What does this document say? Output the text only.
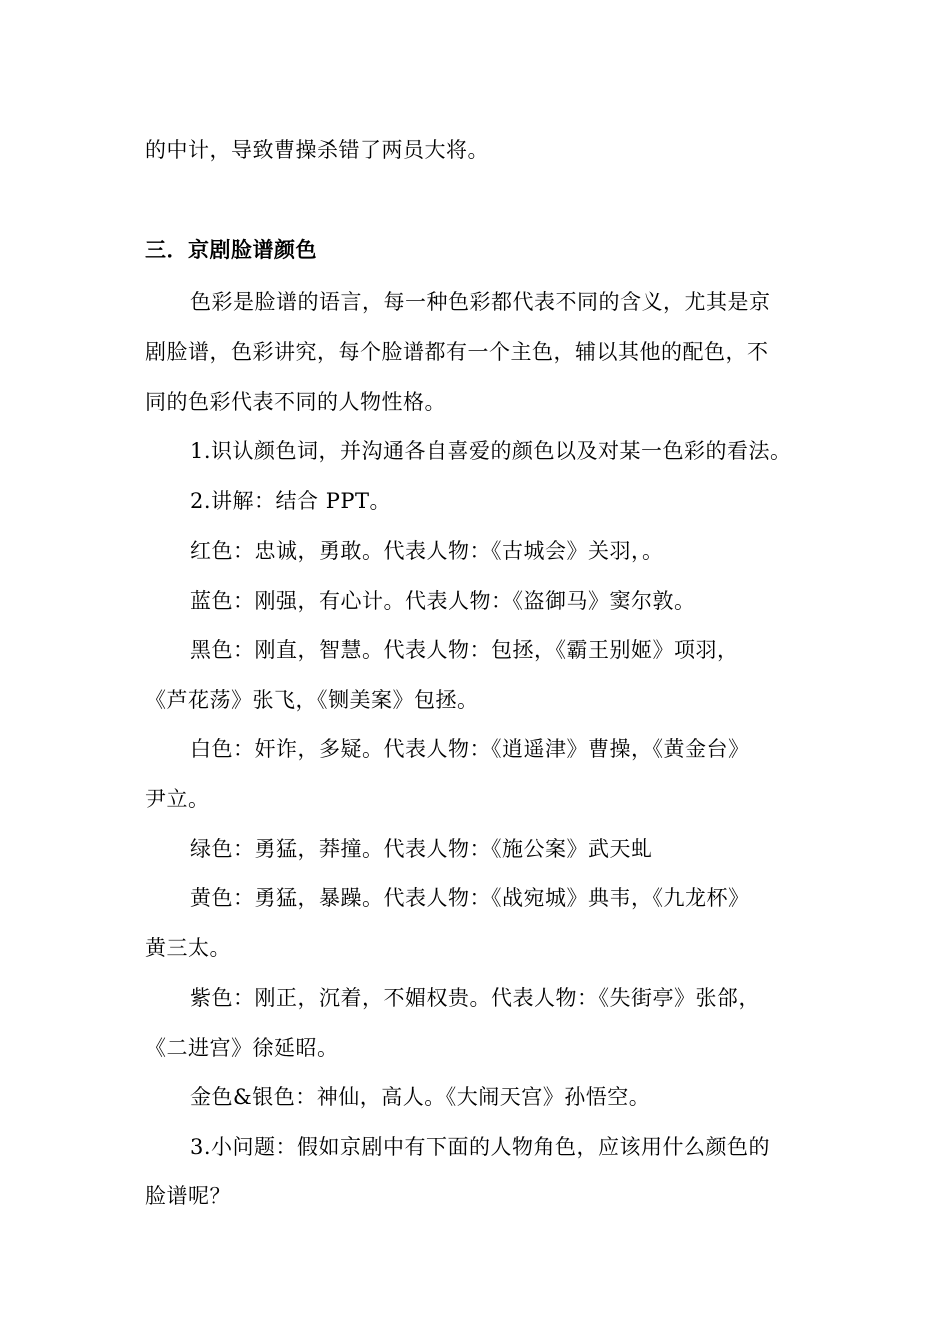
的中计，导致曹操杀错了两员大将。
三．京剧脸谱颜色
色彩是脸谱的语言，每一种色彩都代表不同的含义，尤其是京
剧脸谱，色彩讲究，每个脸谱都有一个主色，辅以其他的配色，不
同的色彩代表不同的人物性格。
1.识认颜色词，并沟通各自喜爱的颜色以及对某一色彩的看法。
2.讲解：结合 PPT。
红色：忠诚，勇敢。代表人物：《古城会》关羽，。
蓝色：刚强，有心计。代表人物：《盗御马》窦尔敦。
黑色：刚直，智慧。代表人物：包拯，《霸王别姬》项羽，
《芦花荡》张飞，《铡美案》包拯。
白色：奸诈，多疑。代表人物：《逍遥津》曹操，《黄金台》
尹立。
绿色：勇猛，莽撞。代表人物：《施公案》武天虬
黄色：勇猛，暴躁。代表人物：《战宛城》典韦，《九龙杯》
黄三太。
紫色：刚正，沉着，不媚权贵。代表人物：《失街亭》张郃，
《二进宫》徐延昭。
金色&银色：神仙，高人。《大闹天宫》孙悟空。
3.小问题：假如京剧中有下面的人物角色，应该用什么颜色的
脸谱呢？
